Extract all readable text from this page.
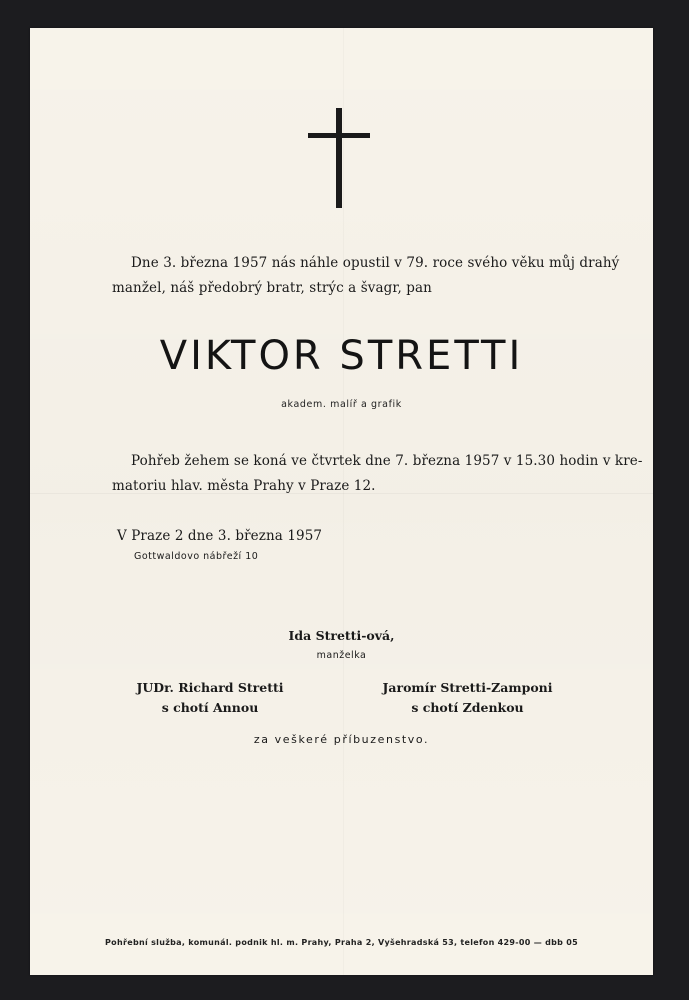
Dne 3. března 1957 nás náhle opustil v 79. roce svého věku můj drahý
manžel, náš předobrý bratr, strýc a švagr, pan
VIKTOR STRETTI
akadem. malíř a grafik
Pohřeb žehem se koná ve čtvrtek dne 7. března 1957 v 15.30 hodin v kre-
matoriu hlav. města Prahy v Praze 12.
V Praze 2 dne 3. března 1957
Gottwaldovo nábřeží 10
Ida Stretti-ová,
manželka
JUDr. Richard Stretti
s chotí Annou
Jaromír Stretti-Zamponi
s chotí Zdenkou
za veškeré příbuzenstvo.
Pohřební služba, komunál. podnik hl. m. Prahy, Praha 2, Vyšehradská 53, telefon 429-00 — dbb 05
